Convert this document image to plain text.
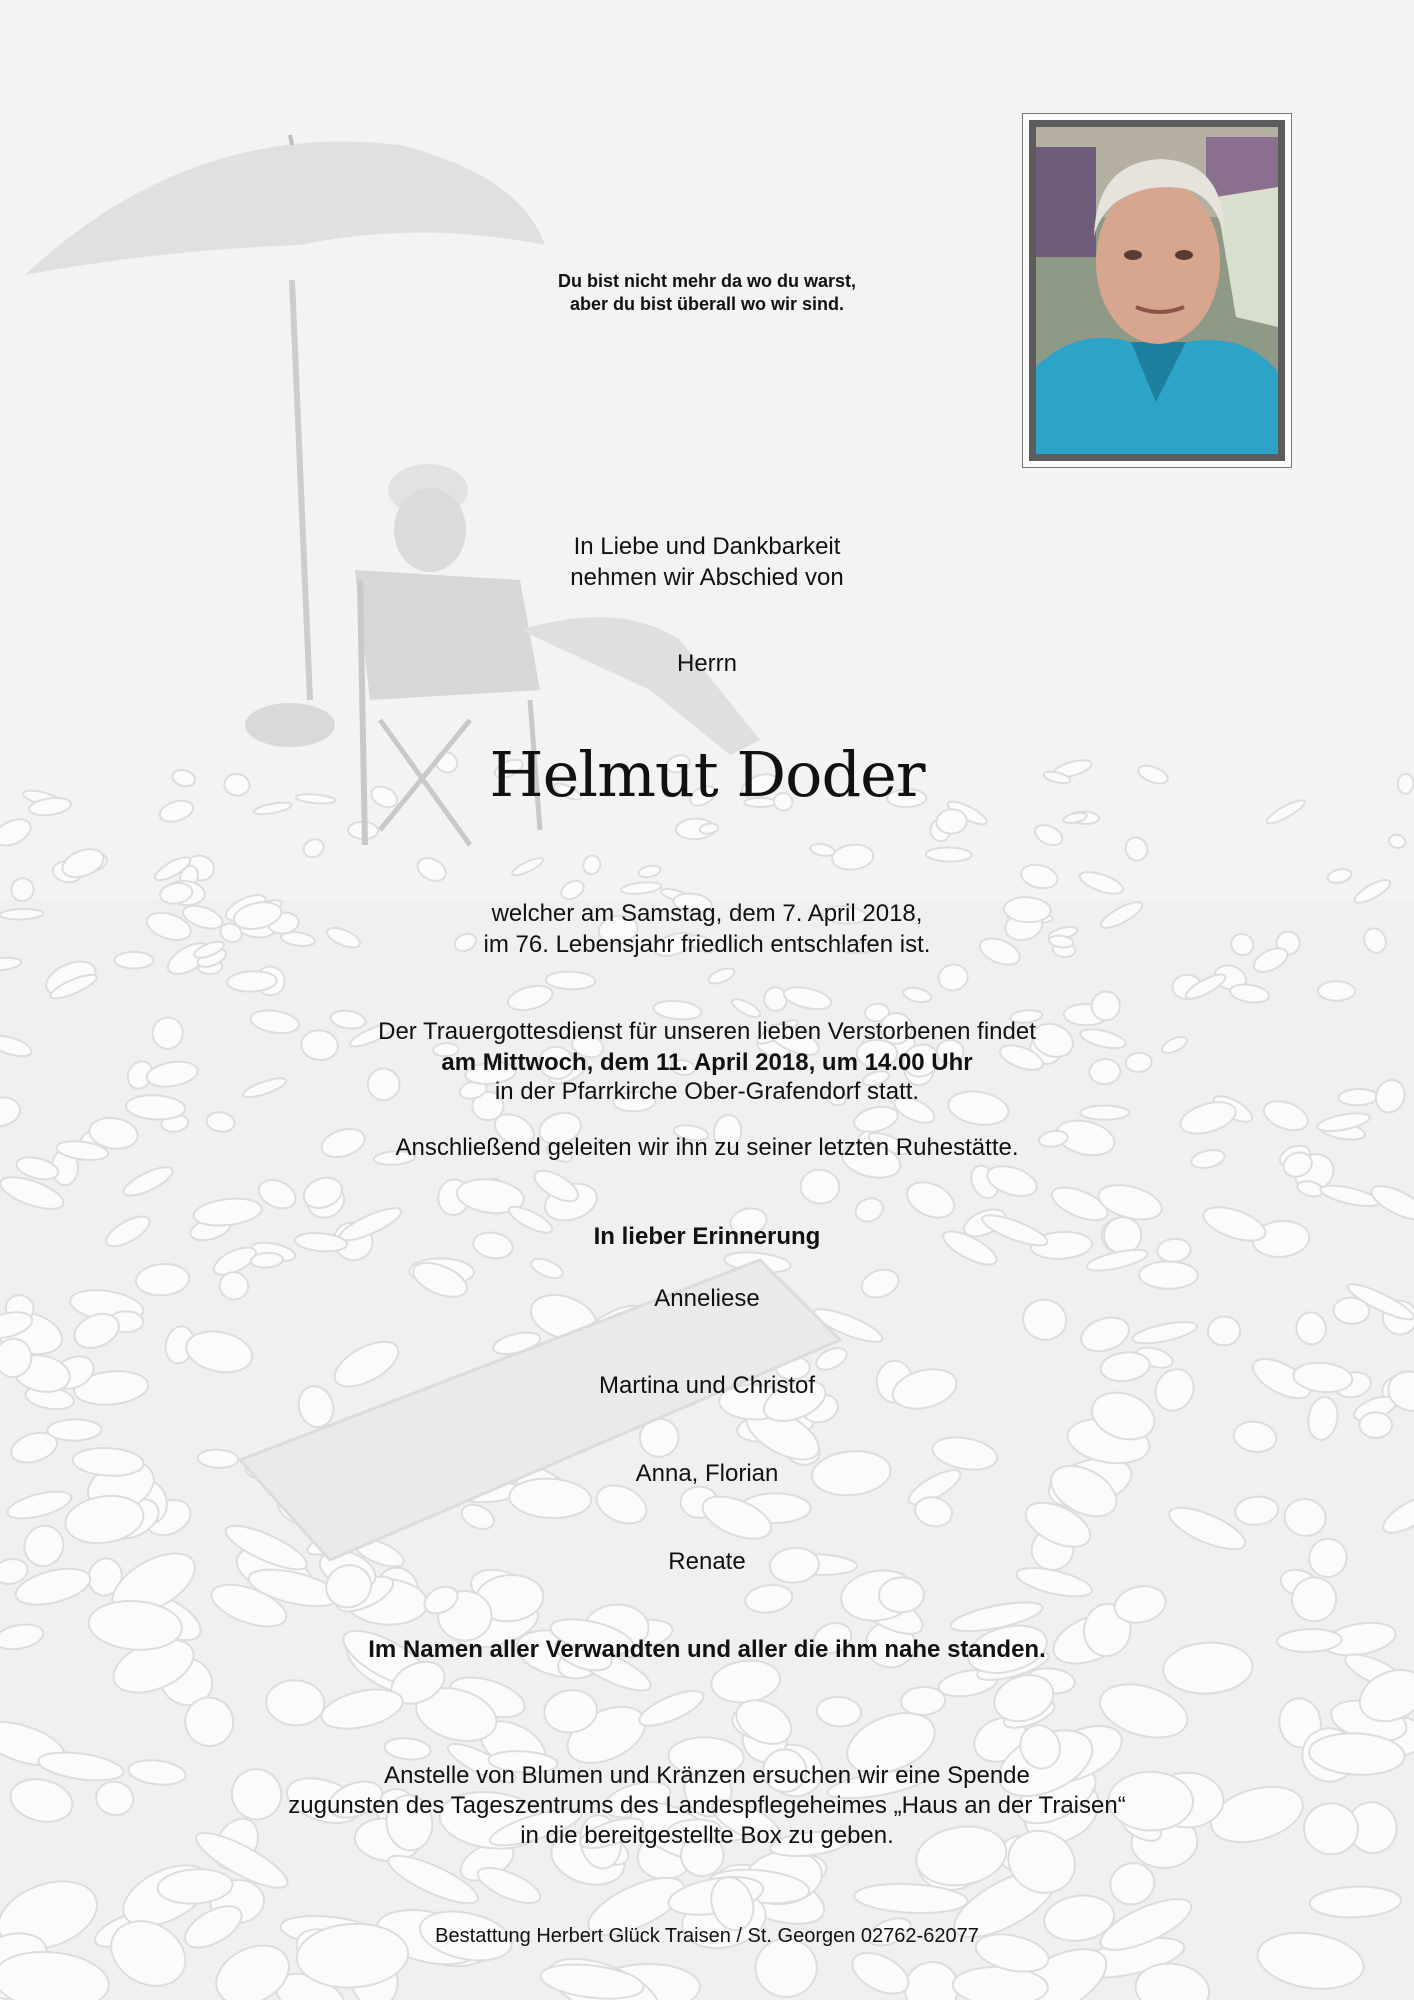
Du bist nicht mehr da wo du warst,
aber du bist überall wo wir sind.
In Liebe und Dankbarkeit
nehmen wir Abschied von
Herrn
Helmut Doder
welcher am Samstag, dem 7. April 2018,
im 76. Lebensjahr friedlich entschlafen ist.
Der Trauergottesdienst für unseren lieben Verstorbenen findet
am Mittwoch, dem 11. April 2018, um 14.00 Uhr
in der Pfarrkirche Ober-Grafendorf statt.
Anschließend geleiten wir ihn zu seiner letzten Ruhestätte.
In lieber Erinnerung
Anneliese
Martina und Christof
Anna, Florian
Renate
Im Namen aller Verwandten und aller die ihm nahe standen.
Anstelle von Blumen und Kränzen ersuchen wir eine Spende
zugunsten des Tageszentrums des Landespflegeheimes „Haus an der Traisen“
in die bereitgestellte Box zu geben.
Bestattung Herbert Glück Traisen / St. Georgen 02762-62077
